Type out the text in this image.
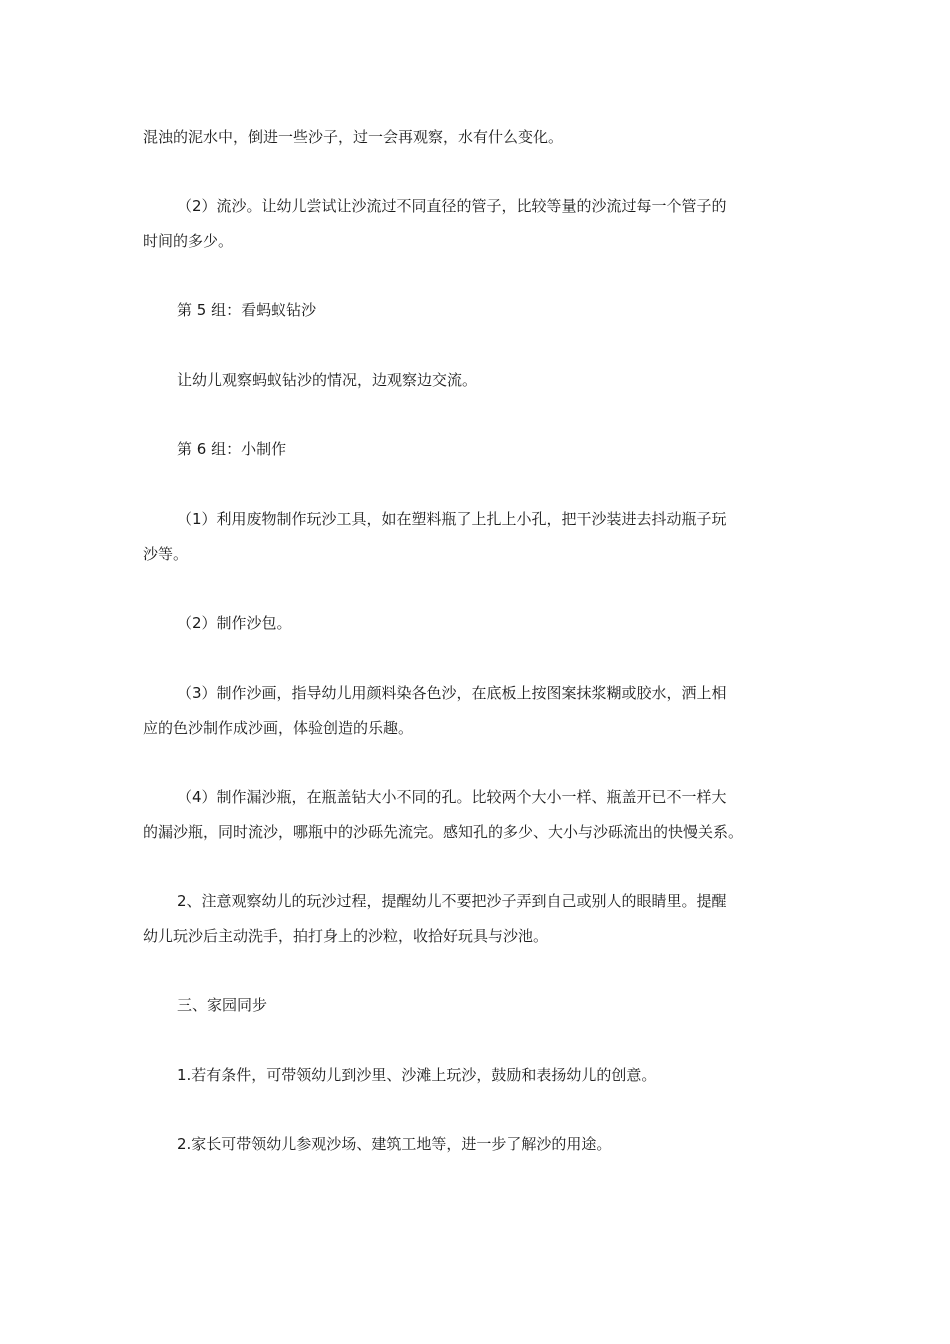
混浊的泥水中，倒进一些沙子，过一会再观察，水有什么变化。

（2）流沙。让幼儿尝试让沙流过不同直径的管子，比较等量的沙流过每一个管子的
时间的多少。

第 5 组：看蚂蚁钻沙

让幼儿观察蚂蚁钻沙的情况，边观察边交流。

第 6 组：小制作

（1）利用废物制作玩沙工具，如在塑料瓶了上扎上小孔，把干沙装进去抖动瓶子玩
沙等。

（2）制作沙包。

（3）制作沙画，指导幼儿用颜料染各色沙，在底板上按图案抹浆糊或胶水，洒上相
应的色沙制作成沙画，体验创造的乐趣。

（4）制作漏沙瓶，在瓶盖钻大小不同的孔。比较两个大小一样、瓶盖开已不一样大
的漏沙瓶，同时流沙，哪瓶中的沙砾先流完。感知孔的多少、大小与沙砾流出的快慢关系。

2、注意观察幼儿的玩沙过程，提醒幼儿不要把沙子弄到自己或别人的眼睛里。提醒
幼儿玩沙后主动洗手，拍打身上的沙粒，收拾好玩具与沙池。

三、家园同步

1.若有条件，可带领幼儿到沙里、沙滩上玩沙，鼓励和表扬幼儿的创意。

2.家长可带领幼儿参观沙场、建筑工地等，进一步了解沙的用途。
